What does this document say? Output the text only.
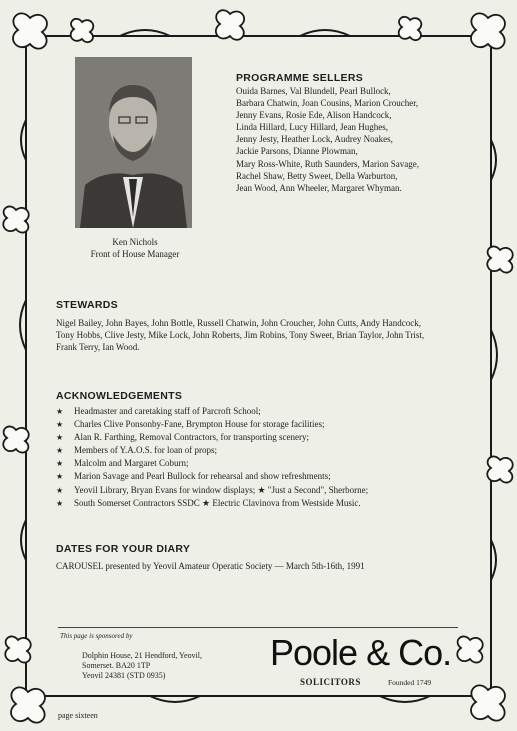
Ken Nichols
Front of House Manager
PROGRAMME SELLERS
Ouida Barnes, Val Blundell, Pearl Bullock,
Barbara Chatwin, Joan Cousins, Marion Croucher,
Jenny Evans, Rosie Ede, Alison Handcock,
Linda Hillard, Lucy Hillard, Jean Hughes,
Jenny Jesty, Heather Lock, Audrey Noakes,
Jackie Parsons, Dianne Plowman,
Mary Ross-White, Ruth Saunders, Marion Savage,
Rachel Shaw, Betty Sweet, Della Warburton,
Jean Wood, Ann Wheeler, Margaret Whyman.
STEWARDS
Nigel Bailey, John Bayes, John Bottle, Russell Chatwin, John Croucher, John Cutts, Andy Handcock,
Tony Hobbs, Clive Jesty, Mike Lock, John Roberts, Jim Robins, Tony Sweet, Brian Taylor, John Trist,
Frank Terry, Ian Wood.
ACKNOWLEDGEMENTS
★ Headmaster and caretaking staff of Parcroft School;
★ Charles Clive Ponsonby-Fane, Brympton House for storage facilities;
★ Alan R. Farthing, Removal Contractors, for transporting scenery;
★ Members of Y.A.O.S. for loan of props;
★ Malcolm and Margaret Coburn;
★ Marion Savage and Pearl Bullock for rehearsal and show refreshments;
★ Yeovil Library, Bryan Evans for window displays; ★ "Just a Second", Sherborne;
★ South Somerset Contractors SSDC ★ Electric Clavinova from Westside Music.
DATES FOR YOUR DIARY
CAROUSEL presented by Yeovil Amateur Operatic Society — March 5th-16th, 1991
This page is sponsored by
Dolphin House, 21 Hendford, Yeovil,
Somerset. BA20 1TP
Yeovil 24381 (STD 0935)
Poole & Co.
SOLICITORS	Founded 1749
page sixteen
